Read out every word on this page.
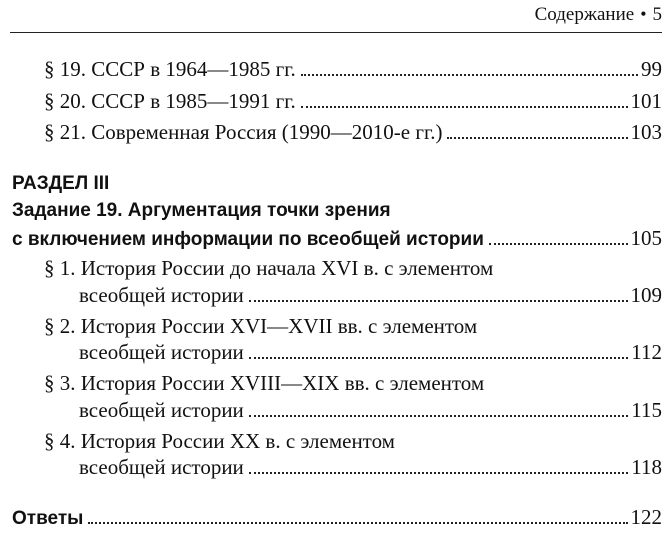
Содержание • 5
§ 19. СССР в 1964—1985 гг.	99
§ 20. СССР в 1985—1991 гг.	101
§ 21. Современная Россия (1990—2010-е гг.)	103
РАЗДЕЛ III
Задание 19. Аргументация точки зрения
с включением информации по всеобщей истории	105
§ 1. История России до начала XVI в. с элементом
всеобщей истории	109
§ 2. История России XVI—XVII вв. с элементом
всеобщей истории	112
§ 3. История России XVIII—XIX вв. с элементом
всеобщей истории	115
§ 4. История России XX в. с элементом
всеобщей истории	118
Ответы	122
